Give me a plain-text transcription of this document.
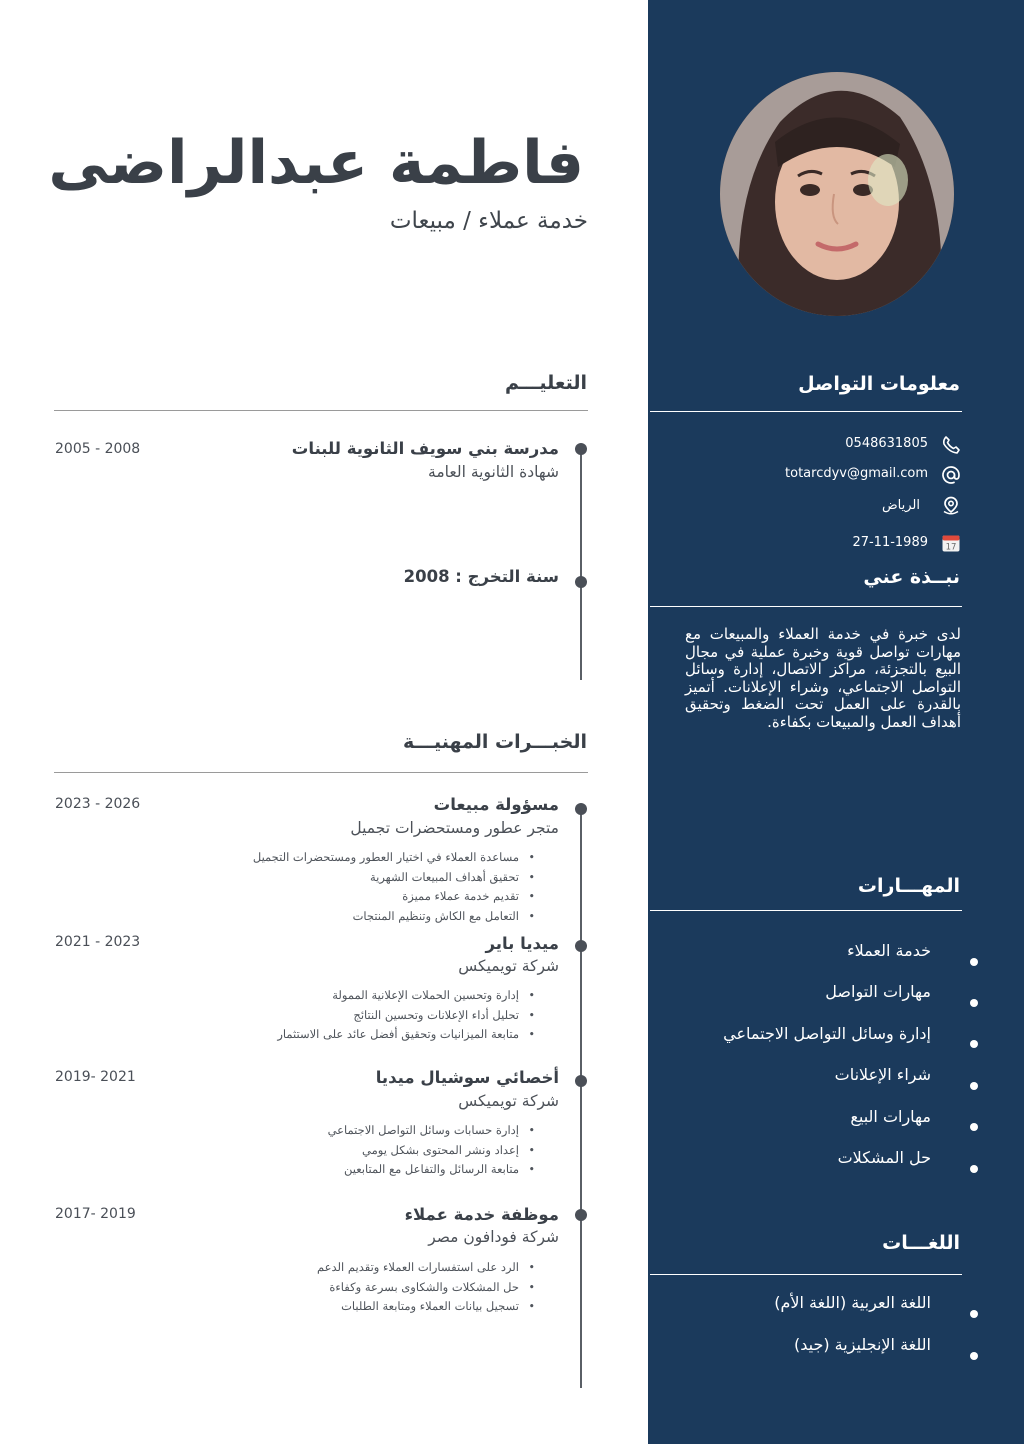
فاطمة عبدالراضى
خدمة عملاء / مبيعات
التعليـــم
مدرسة بني سويف الثانوية للبنات
شهادة الثانوية العامة
2005 - 2008
سنة التخرج : 2008
الخبـــرات المهنيـــة
مسؤولة مبيعات
متجر عطور ومستحضرات تجميل
2023 - 2026
• مساعدة العملاء في اختيار العطور ومستحضرات التجميل
• تحقيق أهداف المبيعات الشهرية
• تقديم خدمة عملاء مميزة
• التعامل مع الكاش وتنظيم المنتجات
ميديا باير
شركة تويميكس
2021 - 2023
• إدارة وتحسين الحملات الإعلانية الممولة
• تحليل أداء الإعلانات وتحسين النتائج
• متابعة الميزانيات وتحقيق أفضل عائد على الاستثمار
أخصائي سوشيال ميديا
شركة تويميكس
2019- 2021
• إدارة حسابات وسائل التواصل الاجتماعي
• إعداد ونشر المحتوى بشكل يومي
• متابعة الرسائل والتفاعل مع المتابعين
موظفة خدمة عملاء
شركة فودافون مصر
2017- 2019
• الرد على استفسارات العملاء وتقديم الدعم
• حل المشكلات والشكاوى بسرعة وكفاءة
• تسجيل بيانات العملاء ومتابعة الطلبات
معلومات التواصل
0548631805
totarcdyv@gmail.com
الرياض
27-11-1989 17
نبــذة عني
لدى خبرة في خدمة العملاء والمبيعات مع مهارات تواصل قوية وخبرة عملية في مجال البيع بالتجزئة، مراكز الاتصال، إدارة وسائل التواصل الاجتماعي، وشراء الإعلانات. أتميز بالقدرة على العمل تحت الضغط وتحقيق أهداف العمل والمبيعات بكفاءة.
المهـــارات
خدمة العملاء
مهارات التواصل
إدارة وسائل التواصل الاجتماعي
شراء الإعلانات
مهارات البيع
حل المشكلات
اللغـــات
اللغة العربية (اللغة الأم)
اللغة الإنجليزية (جيد)
